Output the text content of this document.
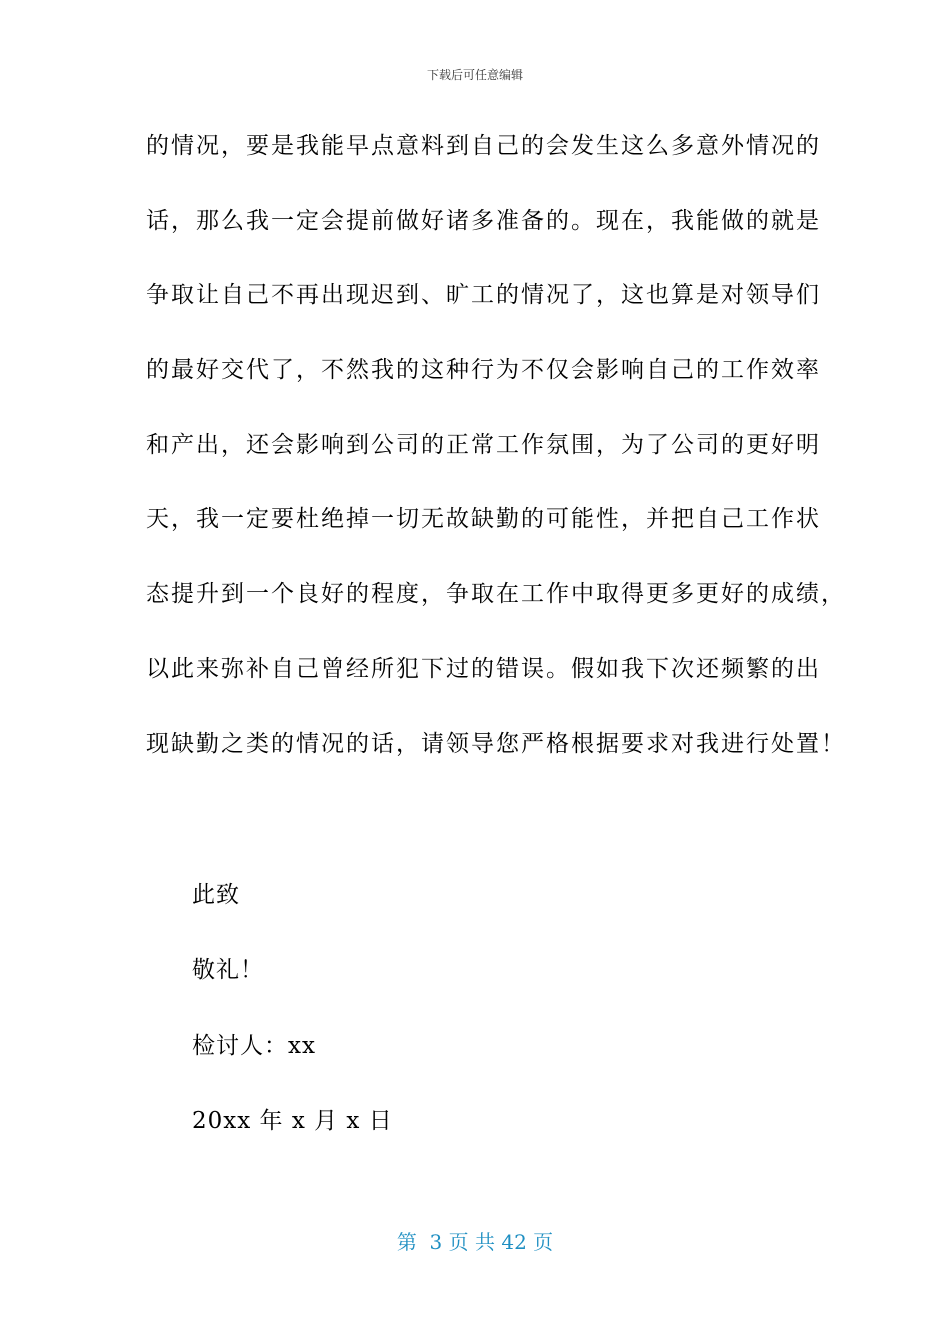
下载后可任意编辑
的情况，要是我能早点意料到自己的会发生这么多意外情况的
话，那么我一定会提前做好诸多准备的。现在，我能做的就是
争取让自己不再出现迟到、旷工的情况了，这也算是对领导们
的最好交代了，不然我的这种行为不仅会影响自己的工作效率
和产出，还会影响到公司的正常工作氛围，为了公司的更好明
天，我一定要杜绝掉一切无故缺勤的可能性，并把自己工作状
态提升到一个良好的程度，争取在工作中取得更多更好的成绩，
以此来弥补自己曾经所犯下过的错误。假如我下次还频繁的出
现缺勤之类的情况的话，请领导您严格根据要求对我进行处置！
此致
敬礼！
检讨人：xx
20xx 年 x 月 x 日
第  3 页 共 42 页
